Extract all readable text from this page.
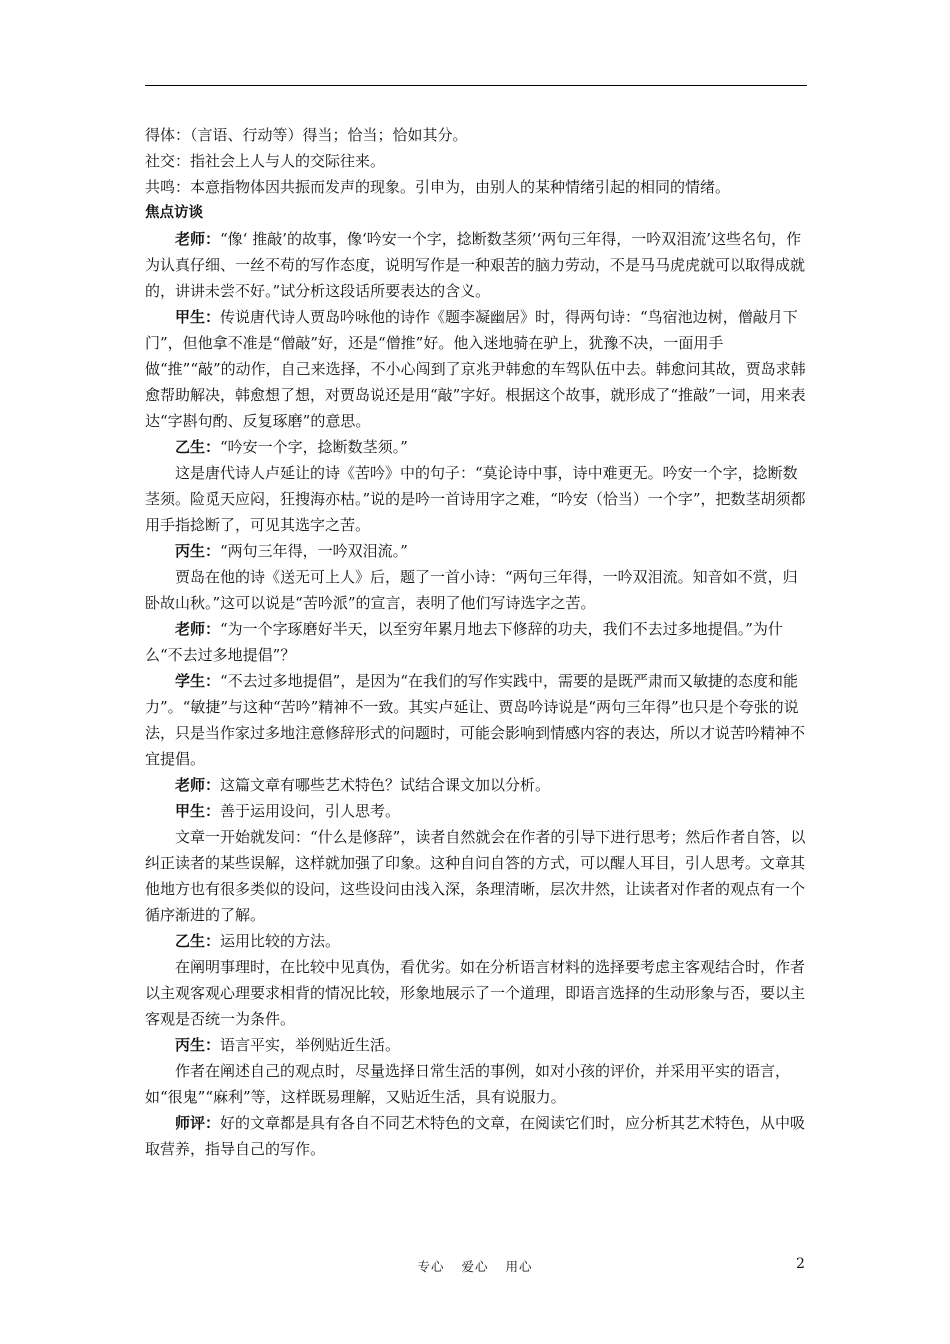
得体：（言语、行动等）得当；恰当；恰如其分。

社交：指社会上人与人的交际往来。

共鸣：本意指物体因共振而发声的现象。引申为，由别人的某种情绪引起的相同的情绪。

焦点访谈

老师：“像‘ 推敲’的故事，像‘吟安一个字，捻断数茎须’‘两句三年得，一吟双泪流’这些名句，作为认真仔细、一丝不苟的写作态度，说明写作是一种艰苦的脑力劳动，不是马马虎虎就可以取得成就的，讲讲未尝不好。”试分析这段话所要表达的含义。

甲生：传说唐代诗人贾岛吟咏他的诗作《题李凝幽居》时，得两句诗：“鸟宿池边树，僧敲月下门”，但他拿不准是“僧敲”好，还是“僧推”好。他入迷地骑在驴上，犹豫不决，一面用手做“推”“敲”的动作，自己来选择，不小心闯到了京兆尹韩愈的车驾队伍中去。韩愈问其故，贾岛求韩愈帮助解决，韩愈想了想，对贾岛说还是用“敲”字好。根据这个故事，就形成了“推敲”一词，用来表达“字斟句酌、反复琢磨”的意思。

乙生：“吟安一个字，捻断数茎须。”

这是唐代诗人卢延让的诗《苦吟》中的句子：“莫论诗中事，诗中难更无。吟安一个字，捻断数茎须。险觅天应闷，狂搜海亦枯。”说的是吟一首诗用字之难，“吟安（恰当）一个字”，把数茎胡须都用手指捻断了，可见其选字之苦。

丙生：“两句三年得，一吟双泪流。”

贾岛在他的诗《送无可上人》后，题了一首小诗：“两句三年得，一吟双泪流。知音如不赏，归卧故山秋。”这可以说是“苦吟派”的宣言，表明了他们写诗选字之苦。

老师：“为一个字琢磨好半天，以至穷年累月地去下修辞的功夫，我们不去过多地提倡。”为什么“不去过多地提倡”？

学生：“不去过多地提倡”，是因为“在我们的写作实践中，需要的是既严肃而又敏捷的态度和能力”。“敏捷”与这种“苦吟”精神不一致。其实卢延让、贾岛吟诗说是“两句三年得”也只是个夸张的说法，只是当作家过多地注意修辞形式的问题时，可能会影响到情感内容的表达，所以才说苦吟精神不宜提倡。

老师：这篇文章有哪些艺术特色？试结合课文加以分析。

甲生：善于运用设问，引人思考。

文章一开始就发问：“什么是修辞”，读者自然就会在作者的引导下进行思考；然后作者自答，以纠正读者的某些误解，这样就加强了印象。这种自问自答的方式，可以醒人耳目，引人思考。文章其他地方也有很多类似的设问，这些设问由浅入深，条理清晰，层次井然，让读者对作者的观点有一个循序渐进的了解。

乙生：运用比较的方法。

在阐明事理时，在比较中见真伪，看优劣。如在分析语言材料的选择要考虑主客观结合时，作者以主观客观心理要求相背的情况比较，形象地展示了一个道理，即语言选择的生动形象与否，要以主客观是否统一为条件。

丙生：语言平实，举例贴近生活。

作者在阐述自己的观点时，尽量选择日常生活的事例，如对小孩的评价，并采用平实的语言，如“很鬼”“麻利”等，这样既易理解，又贴近生活，具有说服力。

师评：好的文章都是具有各自不同艺术特色的文章，在阅读它们时，应分析其艺术特色，从中吸取营养，指导自己的写作。

专心 爱心 用心	2
